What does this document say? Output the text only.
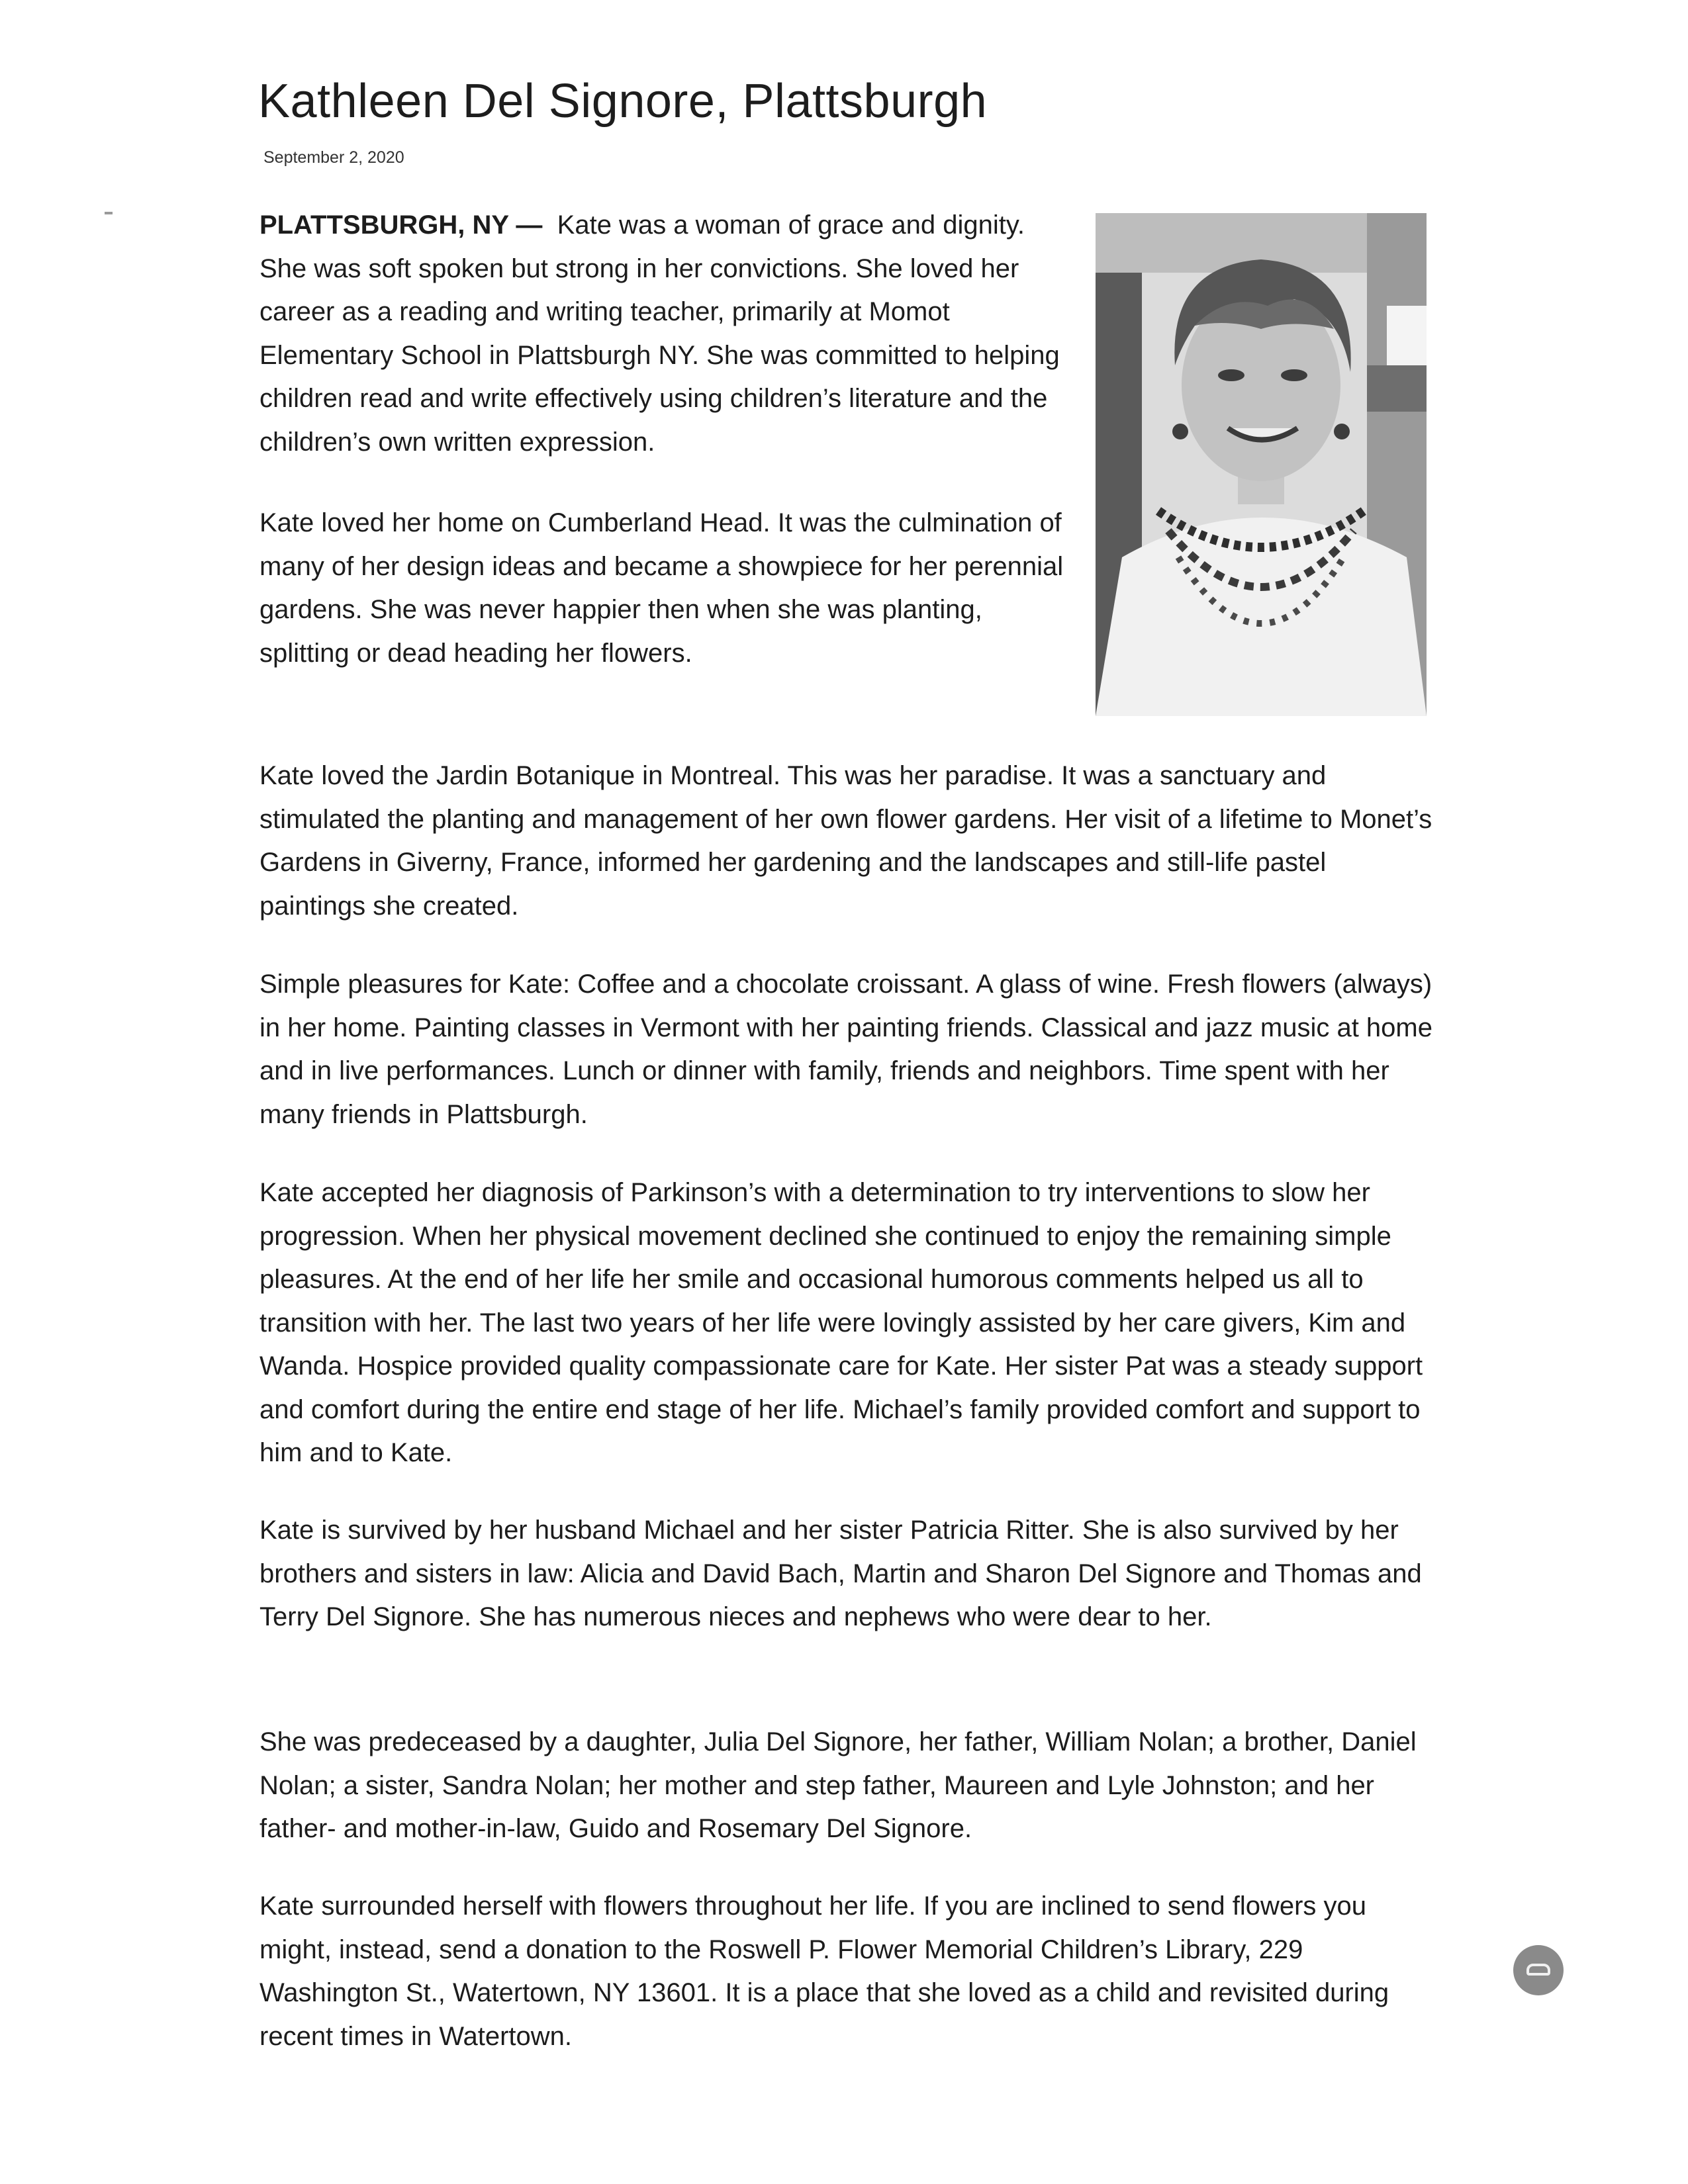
Kathleen Del Signore, Plattsburgh
September 2, 2020

PLATTSBURGH, NY — Kate was a woman of grace and dignity. She was soft spoken but strong in her convictions. She loved her career as a reading and writing teacher, primarily at Momot Elementary School in Plattsburgh NY. She was committed to helping children read and write effectively using children’s literature and the children’s own written expression.

Kate loved her home on Cumberland Head. It was the culmination of many of her design ideas and became a showpiece for her perennial gardens. She was never happier then when she was planting, splitting or dead heading her flowers.

Kate loved the Jardin Botanique in Montreal. This was her paradise. It was a sanctuary and stimulated the planting and management of her own flower gardens. Her visit of a lifetime to Monet’s Gardens in Giverny, France, informed her gardening and the landscapes and still-life pastel paintings she created.

Simple pleasures for Kate: Coffee and a chocolate croissant. A glass of wine. Fresh flowers (always) in her home. Painting classes in Vermont with her painting friends. Classical and jazz music at home and in live performances. Lunch or dinner with family, friends and neighbors. Time spent with her many friends in Plattsburgh.

Kate accepted her diagnosis of Parkinson’s with a determination to try interventions to slow her progression. When her physical movement declined she continued to enjoy the remaining simple pleasures. At the end of her life her smile and occasional humorous comments helped us all to transition with her. The last two years of her life were lovingly assisted by her care givers, Kim and Wanda. Hospice provided quality compassionate care for Kate. Her sister Pat was a steady support and comfort during the entire end stage of her life. Michael’s family provided comfort and support to him and to Kate.

Kate is survived by her husband Michael and her sister Patricia Ritter. She is also survived by her brothers and sisters in law: Alicia and David Bach, Martin and Sharon Del Signore and Thomas and Terry Del Signore. She has numerous nieces and nephews who were dear to her.

She was predeceased by a daughter, Julia Del Signore, her father, William Nolan; a brother, Daniel Nolan; a sister, Sandra Nolan; her mother and step father, Maureen and Lyle Johnston; and her father- and mother-in-law, Guido and Rosemary Del Signore.

Kate surrounded herself with flowers throughout her life. If you are inclined to send flowers you might, instead, send a donation to the Roswell P. Flower Memorial Children’s Library, 229 Washington St., Watertown, NY 13601. It is a place that she loved as a child and revisited during recent times in Watertown.
